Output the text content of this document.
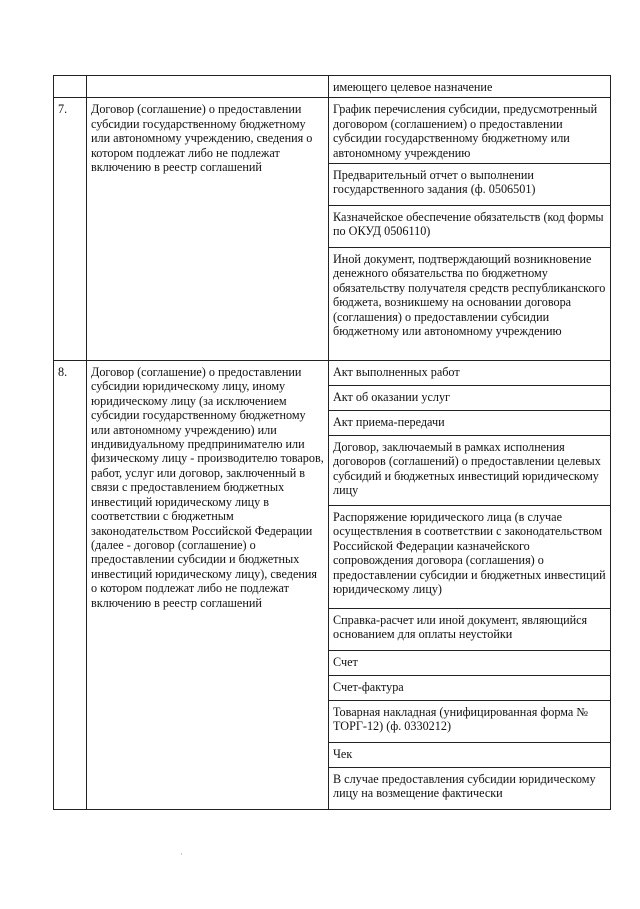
		имеющего целевое назначение
7.	Договор (соглашение) о предоставлении субсидии государственному бюджетному или автономному учреждению, сведения о котором подлежат либо не подлежат включению в реестр соглашений	График перечисления субсидии, предусмотренный договором (соглашением) о предоставлении субсидии государственному бюджетному или автономному учреждению
		Предварительный отчет о выполнении государственного задания (ф. 0506501)
		Казначейское обеспечение обязательств (код формы по ОКУД 0506110)
		Иной документ, подтверждающий возникновение денежного обязательства по бюджетному обязательству получателя средств республиканского бюджета, возникшему на основании договора (соглашения) о предоставлении субсидии бюджетному или автономному учреждению
8.	Договор (соглашение) о предоставлении субсидии юридическому лицу, иному юридическому лицу (за исключением субсидии государственному бюджетному или автономному учреждению) или индивидуальному предпринимателю или физическому лицу - производителю товаров, работ, услуг или договор, заключенный в связи с предоставлением бюджетных инвестиций юридическому лицу в соответствии с бюджетным законодательством Российской Федерации (далее - договор (соглашение) о предоставлении субсидии и бюджетных инвестиций юридическому лицу), сведения о котором подлежат либо не подлежат включению в реестр соглашений	Акт выполненных работ
		Акт об оказании услуг
		Акт приема-передачи
		Договор, заключаемый в рамках исполнения договоров (соглашений) о предоставлении целевых субсидий и бюджетных инвестиций юридическому лицу
		Распоряжение юридического лица (в случае осуществления в соответствии с законодательством Российской Федерации казначейского сопровождения договора (соглашения) о предоставлении субсидии и бюджетных инвестиций юридическому лицу)
		Справка-расчет или иной документ, являющийся основанием для оплаты неустойки
		Счет
		Счет-фактура
		Товарная накладная (унифицированная форма № ТОРГ-12) (ф. 0330212)
		Чек
		В случае предоставления субсидии юридическому лицу на возмещение фактически
·
